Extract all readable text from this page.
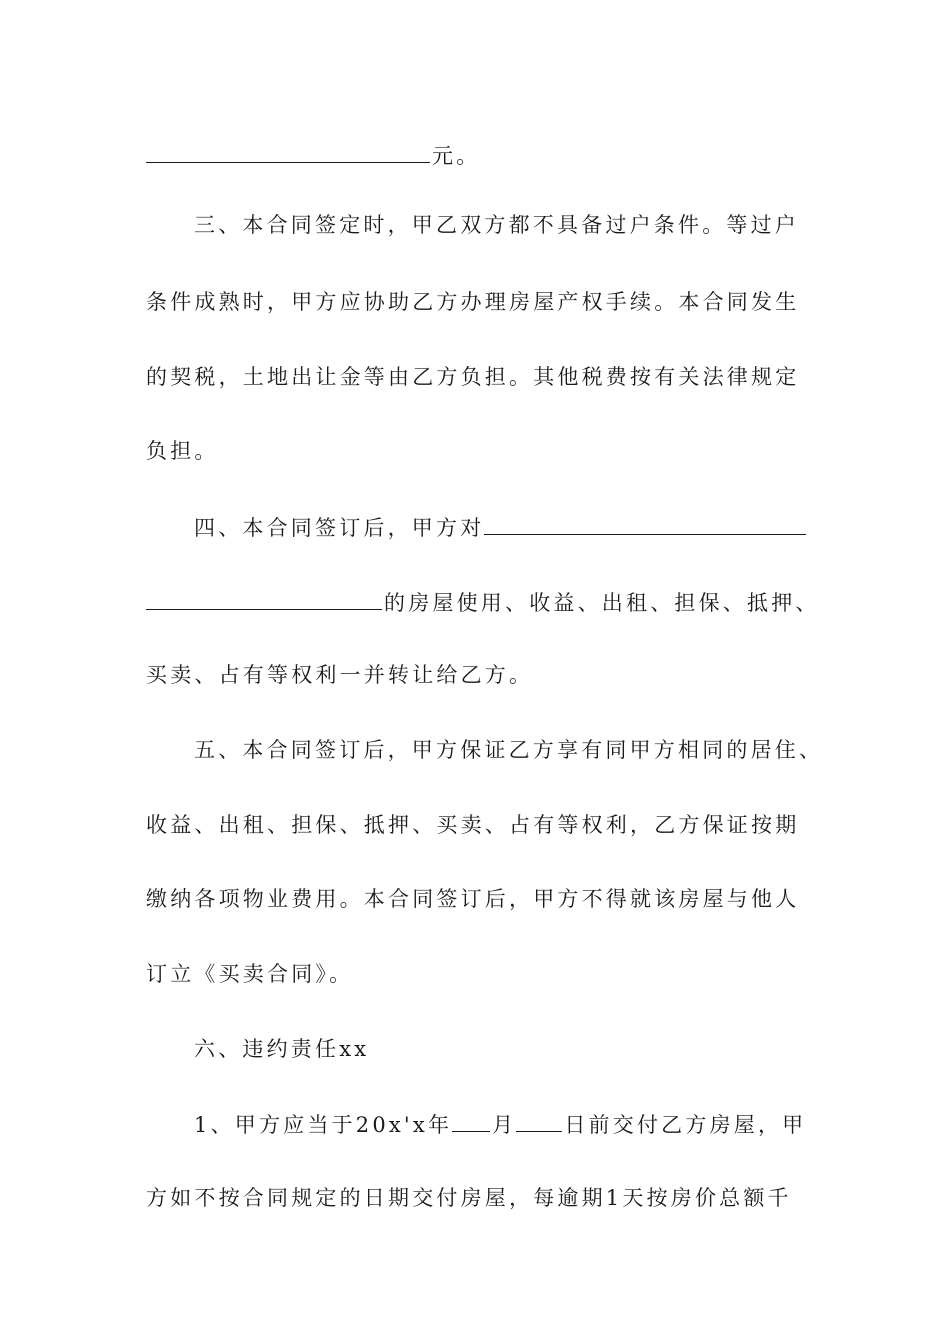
元。
三、本合同签定时，甲乙双方都不具备过户条件。等过户
条件成熟时，甲方应协助乙方办理房屋产权手续。本合同发生
的契税，土地出让金等由乙方负担。其他税费按有关法律规定
负担。
四、本合同签订后，甲方对
的房屋使用、收益、出租、担保、抵押、
买卖、占有等权利一并转让给乙方。
五、本合同签订后，甲方保证乙方享有同甲方相同的居住、
收益、出租、担保、抵押、买卖、占有等权利，乙方保证按期
缴纳各项物业费用。本合同签订后，甲方不得就该房屋与他人
订立《买卖合同》。
六、违约责任xx
1、甲方应当于20x'x年 月 日前交付乙方房屋，甲
方如不按合同规定的日期交付房屋，每逾期1天按房价总额千
